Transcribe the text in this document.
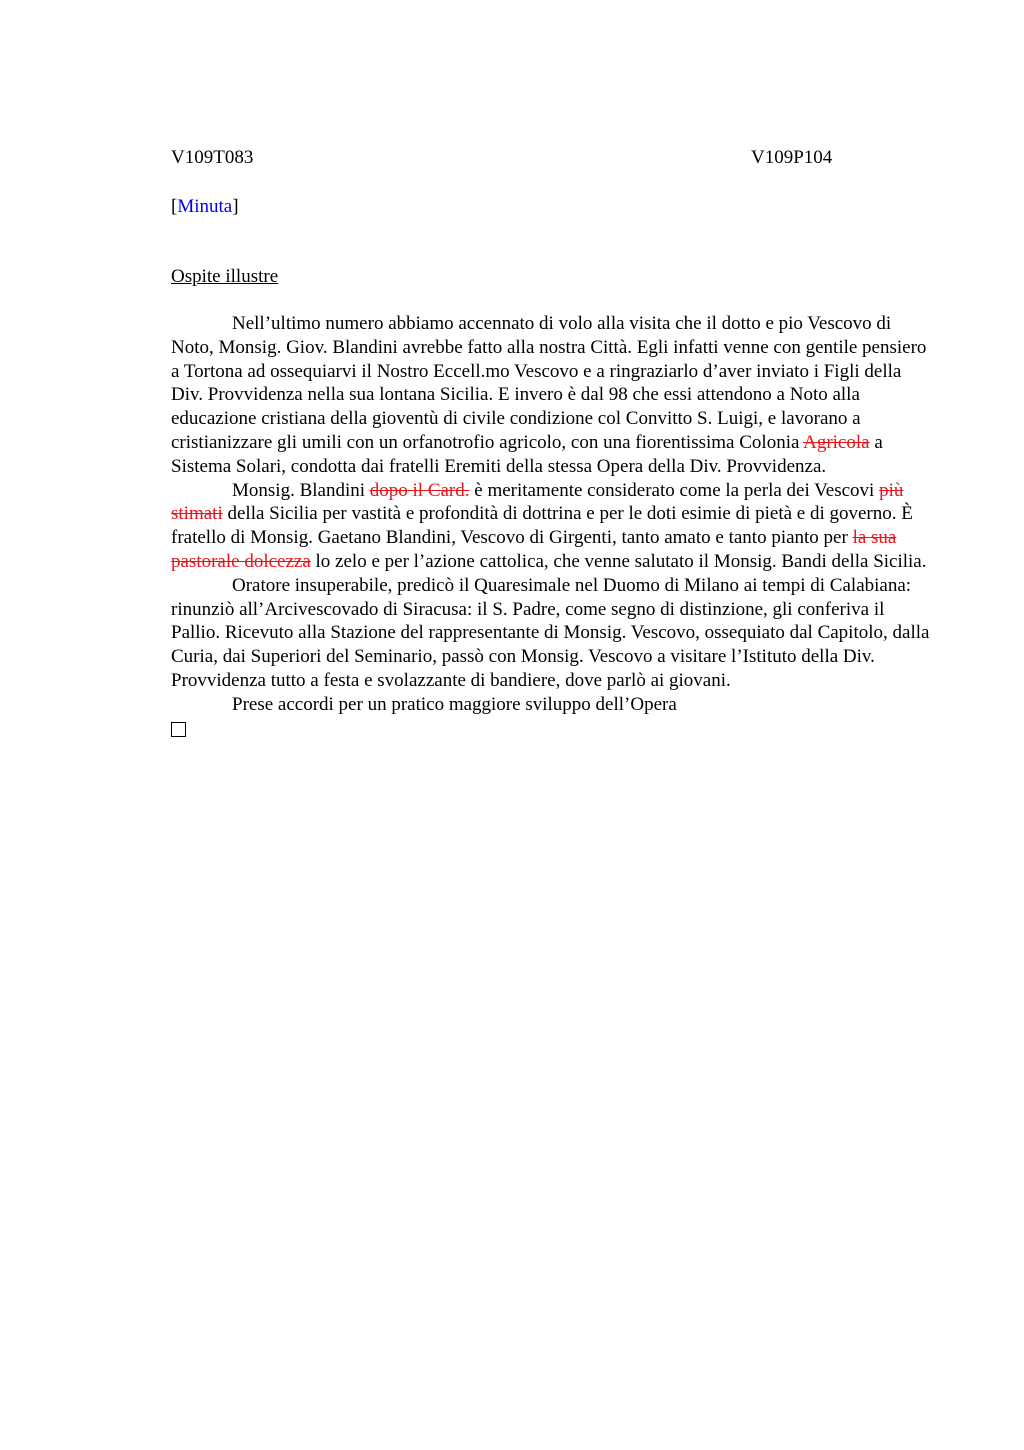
V109T083	V109P104
[Minuta]
Ospite illustre

Nell’ultimo numero abbiamo accennato di volo alla visita che il dotto e pio Vescovo di Noto, Monsig. Giov. Blandini avrebbe fatto alla nostra Città. Egli infatti venne con gentile pensiero a Tortona ad ossequiarvi il Nostro Eccell.mo Vescovo e a ringraziarlo d’aver inviato i Figli della Div. Provvidenza nella sua lontana Sicilia. E invero è dal 98 che essi attendono a Noto alla educazione cristiana della gioventù di civile condizione col Convitto S. Luigi, e lavorano a cristianizzare gli umili con un orfanotrofio agricolo, con una fiorentissima Colonia Agricola a Sistema Solari, condotta dai fratelli Eremiti della stessa Opera della Div. Provvidenza.

Monsig. Blandini dopo il Card. è meritamente considerato come la perla dei Vescovi più stimati della Sicilia per vastità e profondità di dottrina e per le doti esimie di pietà e di governo. È fratello di Monsig. Gaetano Blandini, Vescovo di Girgenti, tanto amato e tanto pianto per la sua pastorale dolcezza lo zelo e per l’azione cattolica, che venne salutato il Monsig. Bandi della Sicilia.

Oratore insuperabile, predicò il Quaresimale nel Duomo di Milano ai tempi di Calabiana: rinunziò all’Arcivescovado di Siracusa: il S. Padre, come segno di distinzione, gli conferiva il Pallio. Ricevuto alla Stazione del rappresentante di Monsig. Vescovo, ossequiato dal Capitolo, dalla Curia, dai Superiori del Seminario, passò con Monsig. Vescovo a visitare l’Istituto della Div. Provvidenza tutto a festa e svolazzante di bandiere, dove parlò ai giovani.

Prese accordi per un pratico maggiore sviluppo dell’Opera
